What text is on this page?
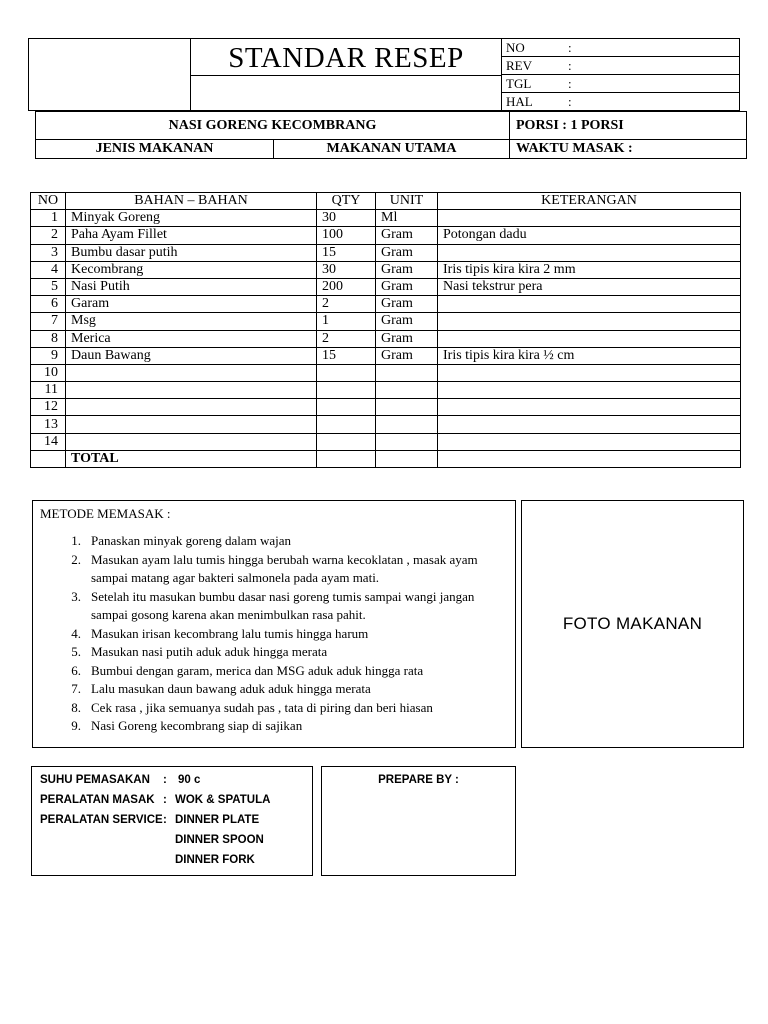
STANDAR RESEP	NO	:
REV	:
TGL	:
HAL	:
NASI GORENG KECOMBRANG	PORSI : 1 PORSI
JENIS MAKANAN	MAKANAN UTAMA	WAKTU MASAK :
NO	BAHAN – BAHAN	QTY	UNIT	KETERANGAN
1	Minyak Goreng	30	Ml	
2	Paha Ayam Fillet	100	Gram	Potongan dadu
3	Bumbu dasar putih	15	Gram	
4	Kecombrang	30	Gram	Iris tipis kira kira 2 mm
5	Nasi Putih	200	Gram	Nasi tekstrur pera
6	Garam	2	Gram	
7	Msg	1	Gram	
8	Merica	2	Gram	
9	Daun Bawang	15	Gram	Iris tipis kira kira ½ cm
10				
11				
12				
13				
14				
	TOTAL			
METODE MEMASAK :
1. Panaskan minyak goreng dalam wajan
2. Masukan ayam lalu tumis hingga berubah warna kecoklatan , masak ayam sampai matang agar bakteri salmonela pada ayam mati.
3. Setelah itu masukan bumbu dasar nasi goreng tumis sampai wangi jangan sampai gosong karena akan menimbulkan rasa pahit.
4. Masukan irisan kecombrang lalu tumis hingga harum
5. Masukan nasi putih aduk aduk hingga merata
6. Bumbui dengan garam, merica dan MSG aduk aduk hingga rata
7. Lalu masukan daun bawang aduk aduk hingga merata
8. Cek rasa , jika semuanya sudah pas , tata di piring dan beri hiasan
9. Nasi Goreng kecombrang siap di sajikan
FOTO MAKANAN
SUHU PEMASAKAN	: 90 c
PERALATAN MASAK : WOK & SPATULA
PERALATAN SERVICE : DINNER PLATE
DINNER SPOON
DINNER FORK
PREPARE BY :
